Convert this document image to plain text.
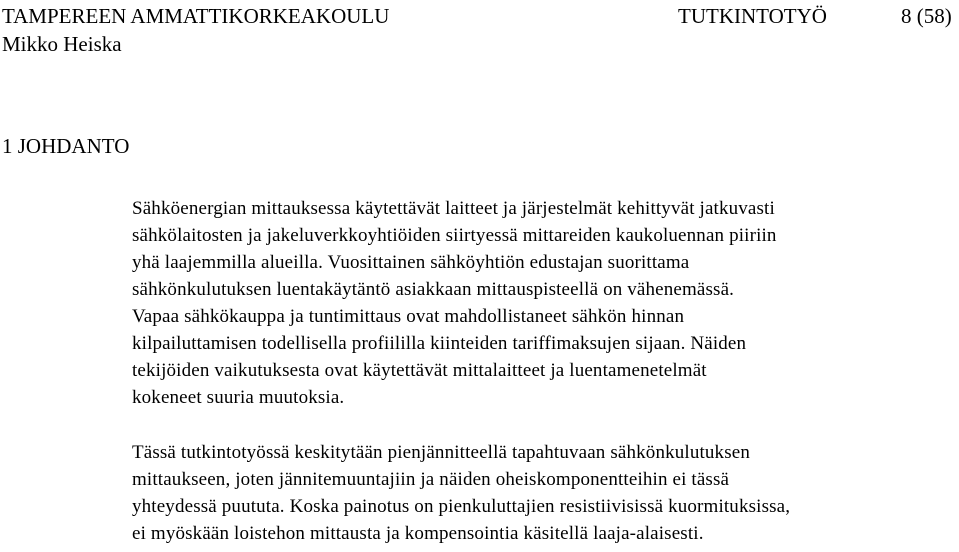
TAMPEREEN AMMATTIKORKEAKOULU	TUTKINTOTYÖ	8 (58)
Mikko Heiska
1 JOHDANTO
Sähköenergian mittauksessa käytettävät laitteet ja järjestelmät kehittyvät jatkuvasti
sähkölaitosten ja jakeluverkkoyhtiöiden siirtyessä mittareiden kaukoluennan piiriin
yhä laajemmilla alueilla. Vuosittainen sähköyhtiön edustajan suorittama
sähkönkulutuksen luentakäytäntö asiakkaan mittauspisteellä on vähenemässä.
Vapaa sähkökauppa ja tuntimittaus ovat mahdollistaneet sähkön hinnan
kilpailuttamisen todellisella profiililla kiinteiden tariffimaksujen sijaan. Näiden
tekijöiden vaikutuksesta ovat käytettävät mittalaitteet ja luentamenetelmät
kokeneet suuria muutoksia.
Tässä tutkintotyössä keskitytään pienjännitteellä tapahtuvaan sähkönkulutuksen
mittaukseen, joten jännitemuuntajiin ja näiden oheiskomponentteihin ei tässä
yhteydessä puututa. Koska painotus on pienkuluttajien resistiivisissä kuormituksissa,
ei myöskään loistehon mittausta ja kompensointia käsitellä laaja-alaisesti.
